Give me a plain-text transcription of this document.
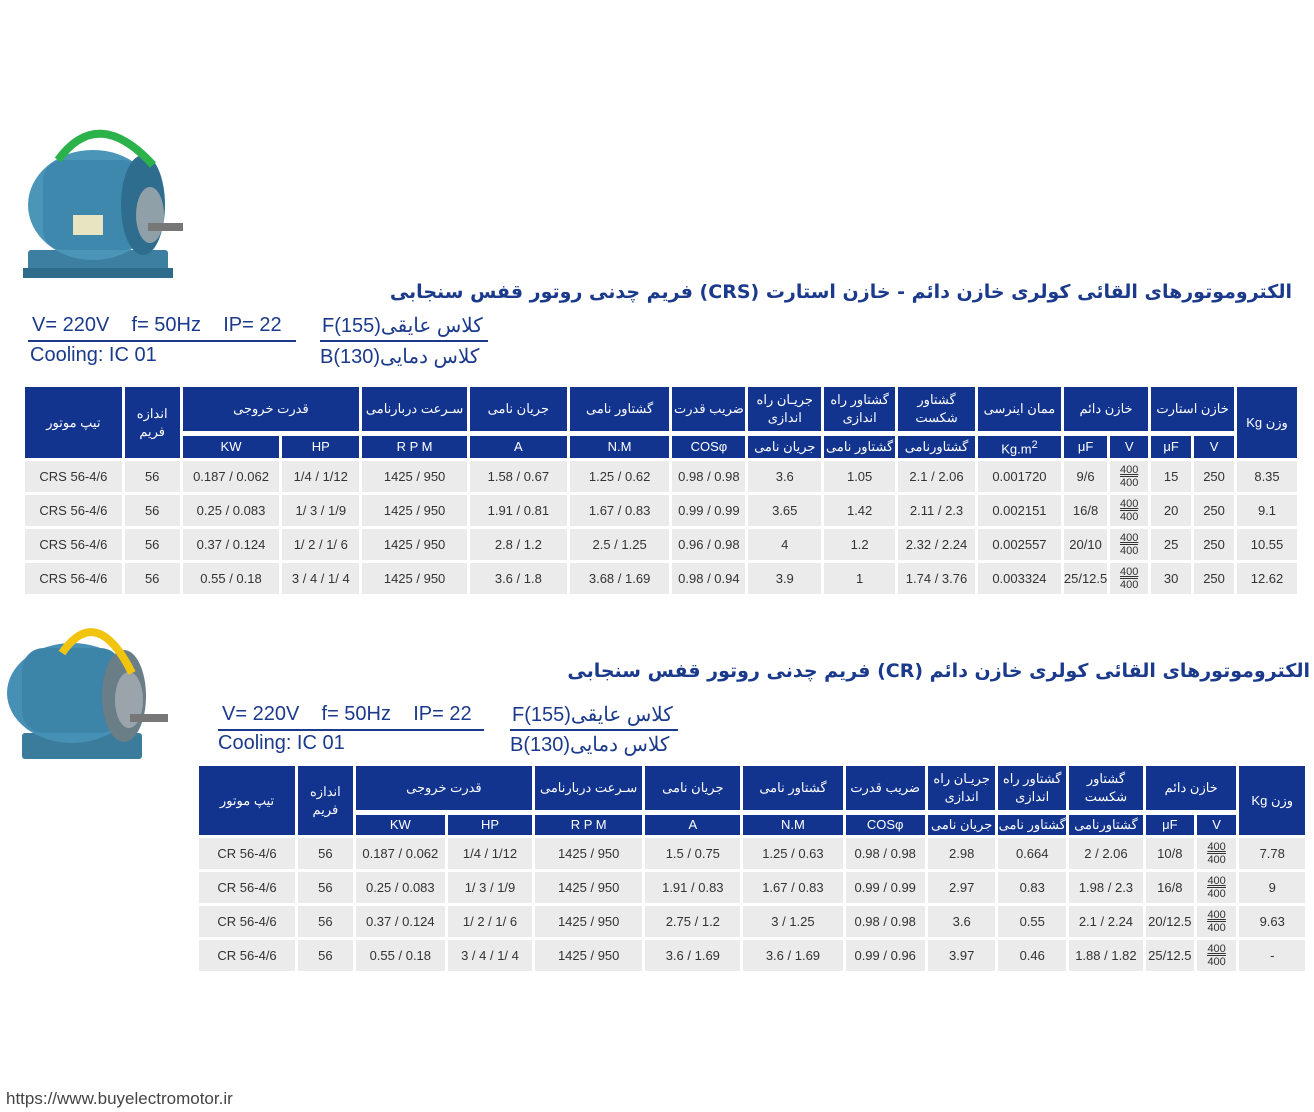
الکتروموتورهای القائی کولری خازن دائم - خازن استارت (CRS) فریم چدنی روتور قفس سنجابی
V= 220V    f= 50Hz    IP= 22
Cooling: IC 01
کلاس عایقیF(155)
کلاس دماییB(130)
تیپ موتور	اندازه فریم	قدرت خروجی		سـرعت دربارنامی	جریان نامی	گشتاور نامی	ضریب قدرت	جریـان راه اندازی	گشتاور راه اندازی	گشتاور شکست	ممان اینرسی	خازن دائم		خازن استارت		وزن Kg
		KW	HP	R P M	A	N.M	COSφ	جریان نامی	گشتاور نامی	گشتاورنامی	$Kg.m^2$	μF	V	μF	V	
CRS 56-4/6	56	0.187 / 0.062	1/4 / 1/12	1425 / 950	1.58 / 0.67	1.25 / 0.62	0.98 / 0.98	3.6	1.05	2.1 / 2.06	0.001720	9/6	$\frac{400}{400}$	15	250	8.35
CRS 56-4/6	56	0.25 / 0.083	1/ 3 / 1/9	1425 / 950	1.91 / 0.81	1.67 / 0.83	0.99 / 0.99	3.65	1.42	2.11 / 2.3	0.002151	16/8	$\frac{400}{400}$	20	250	9.1
CRS 56-4/6	56	0.37 / 0.124	1/ 2 / 1/ 6	1425 / 950	2.8 / 1.2	2.5 / 1.25	0.96 / 0.98	4	1.2	2.32 / 2.24	0.002557	20/10	$\frac{400}{400}$	25	250	10.55
CRS 56-4/6	56	0.55 / 0.18	3 / 4 / 1/ 4	1425 / 950	3.6 / 1.8	3.68 / 1.69	0.98 / 0.94	3.9	1	1.74 / 3.76	0.003324	25/12.5	$\frac{400}{400}$	30	250	12.62
الکتروموتورهای القائی کولری خازن دائم (CR) فریم چدنی روتور قفس سنجابی
V= 220V    f= 50Hz    IP= 22
Cooling: IC 01
کلاس عایقیF(155)
کلاس دماییB(130)
تیپ موتور	اندازه فریم	قدرت خروجی		سـرعت دربارنامی	جریان نامی	گشتاور نامی	ضریب قدرت	جریـان راه اندازی	گشتاور راه اندازی	گشتاور شکست	خازن دائم		وزن Kg
		KW	HP	R P M	A	N.M	COSφ	جریان نامی	گشتاور نامی	گشتاورنامی	μF	V	
CR 56-4/6	56	0.187 / 0.062	1/4 / 1/12	1425 / 950	1.5 / 0.75	1.25 / 0.63	0.98 / 0.98	2.98	0.664	2 / 2.06	10/8	$\frac{400}{400}$	7.78
CR 56-4/6	56	0.25 / 0.083	1/ 3 / 1/9	1425 / 950	1.91 / 0.83	1.67 / 0.83	0.99 / 0.99	2.97	0.83	1.98 / 2.3	16/8	$\frac{400}{400}$	9
CR 56-4/6	56	0.37 / 0.124	1/ 2 / 1/ 6	1425 / 950	2.75 / 1.2	3 / 1.25	0.98 / 0.98	3.6	0.55	2.1 / 2.24	20/12.5	$\frac{400}{400}$	9.63
CR 56-4/6	56	0.55 / 0.18	3 / 4 / 1/ 4	1425 / 950	3.6 / 1.69	3.6 / 1.69	0.99 / 0.96	3.97	0.46	1.88 / 1.82	25/12.5	$\frac{400}{400}$	-
https://www.buyelectromotor.ir
